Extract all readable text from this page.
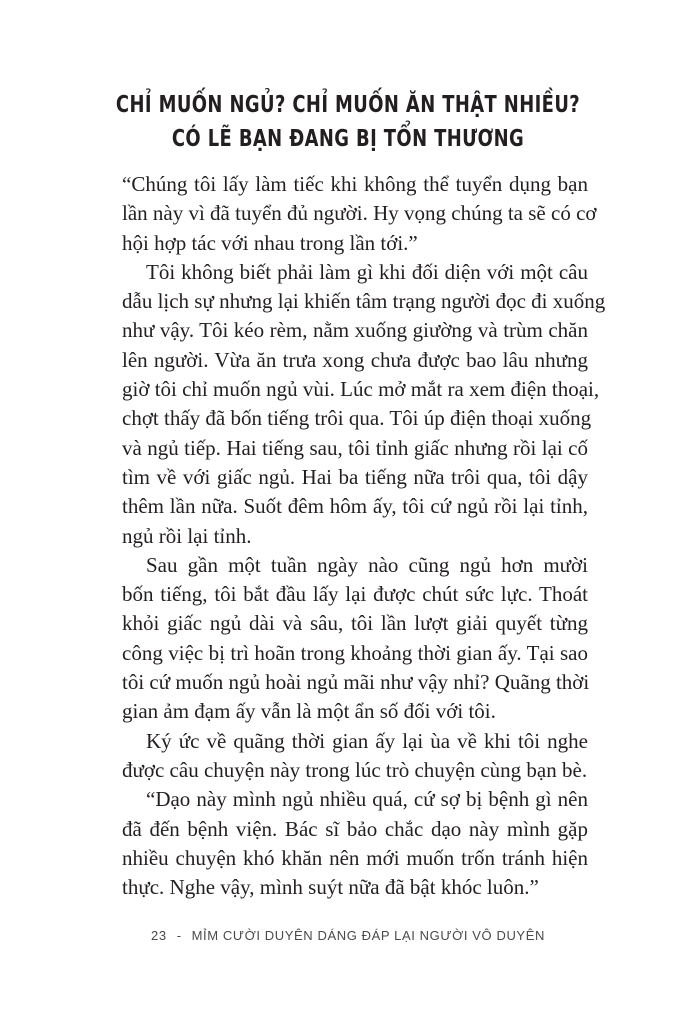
CHỈ MUỐN NGỦ? CHỈ MUỐN ĂN THẬT NHIỀU?
CÓ LẼ BẠN ĐANG BỊ TỔN THƯƠNG
“Chúng tôi lấy làm tiếc khi không thể tuyển dụng bạn
lần này vì đã tuyển đủ người. Hy vọng chúng ta sẽ có cơ
hội hợp tác với nhau trong lần tới.”
Tôi không biết phải làm gì khi đối diện với một câu
dẫu lịch sự nhưng lại khiến tâm trạng người đọc đi xuống
như vậy. Tôi kéo rèm, nằm xuống giường và trùm chăn
lên người. Vừa ăn trưa xong chưa được bao lâu nhưng
giờ tôi chỉ muốn ngủ vùi. Lúc mở mắt ra xem điện thoại,
chợt thấy đã bốn tiếng trôi qua. Tôi úp điện thoại xuống
và ngủ tiếp. Hai tiếng sau, tôi tỉnh giấc nhưng rồi lại cố
tìm về với giấc ngủ. Hai ba tiếng nữa trôi qua, tôi dậy
thêm lần nữa. Suốt đêm hôm ấy, tôi cứ ngủ rồi lại tỉnh,
ngủ rồi lại tỉnh.
Sau gần một tuần ngày nào cũng ngủ hơn mười
bốn tiếng, tôi bắt đầu lấy lại được chút sức lực. Thoát
khỏi giấc ngủ dài và sâu, tôi lần lượt giải quyết từng
công việc bị trì hoãn trong khoảng thời gian ấy. Tại sao
tôi cứ muốn ngủ hoài ngủ mãi như vậy nhỉ? Quãng thời
gian ảm đạm ấy vẫn là một ẩn số đối với tôi.
Ký ức về quãng thời gian ấy lại ùa về khi tôi nghe
được câu chuyện này trong lúc trò chuyện cùng bạn bè.
“Dạo này mình ngủ nhiều quá, cứ sợ bị bệnh gì nên
đã đến bệnh viện. Bác sĩ bảo chắc dạo này mình gặp
nhiều chuyện khó khăn nên mới muốn trốn tránh hiện
thực. Nghe vậy, mình suýt nữa đã bật khóc luôn.”
23 - MỈM CƯỜI DUYÊN DÁNG ĐÁP LẠI NGƯỜI VÔ DUYÊN
